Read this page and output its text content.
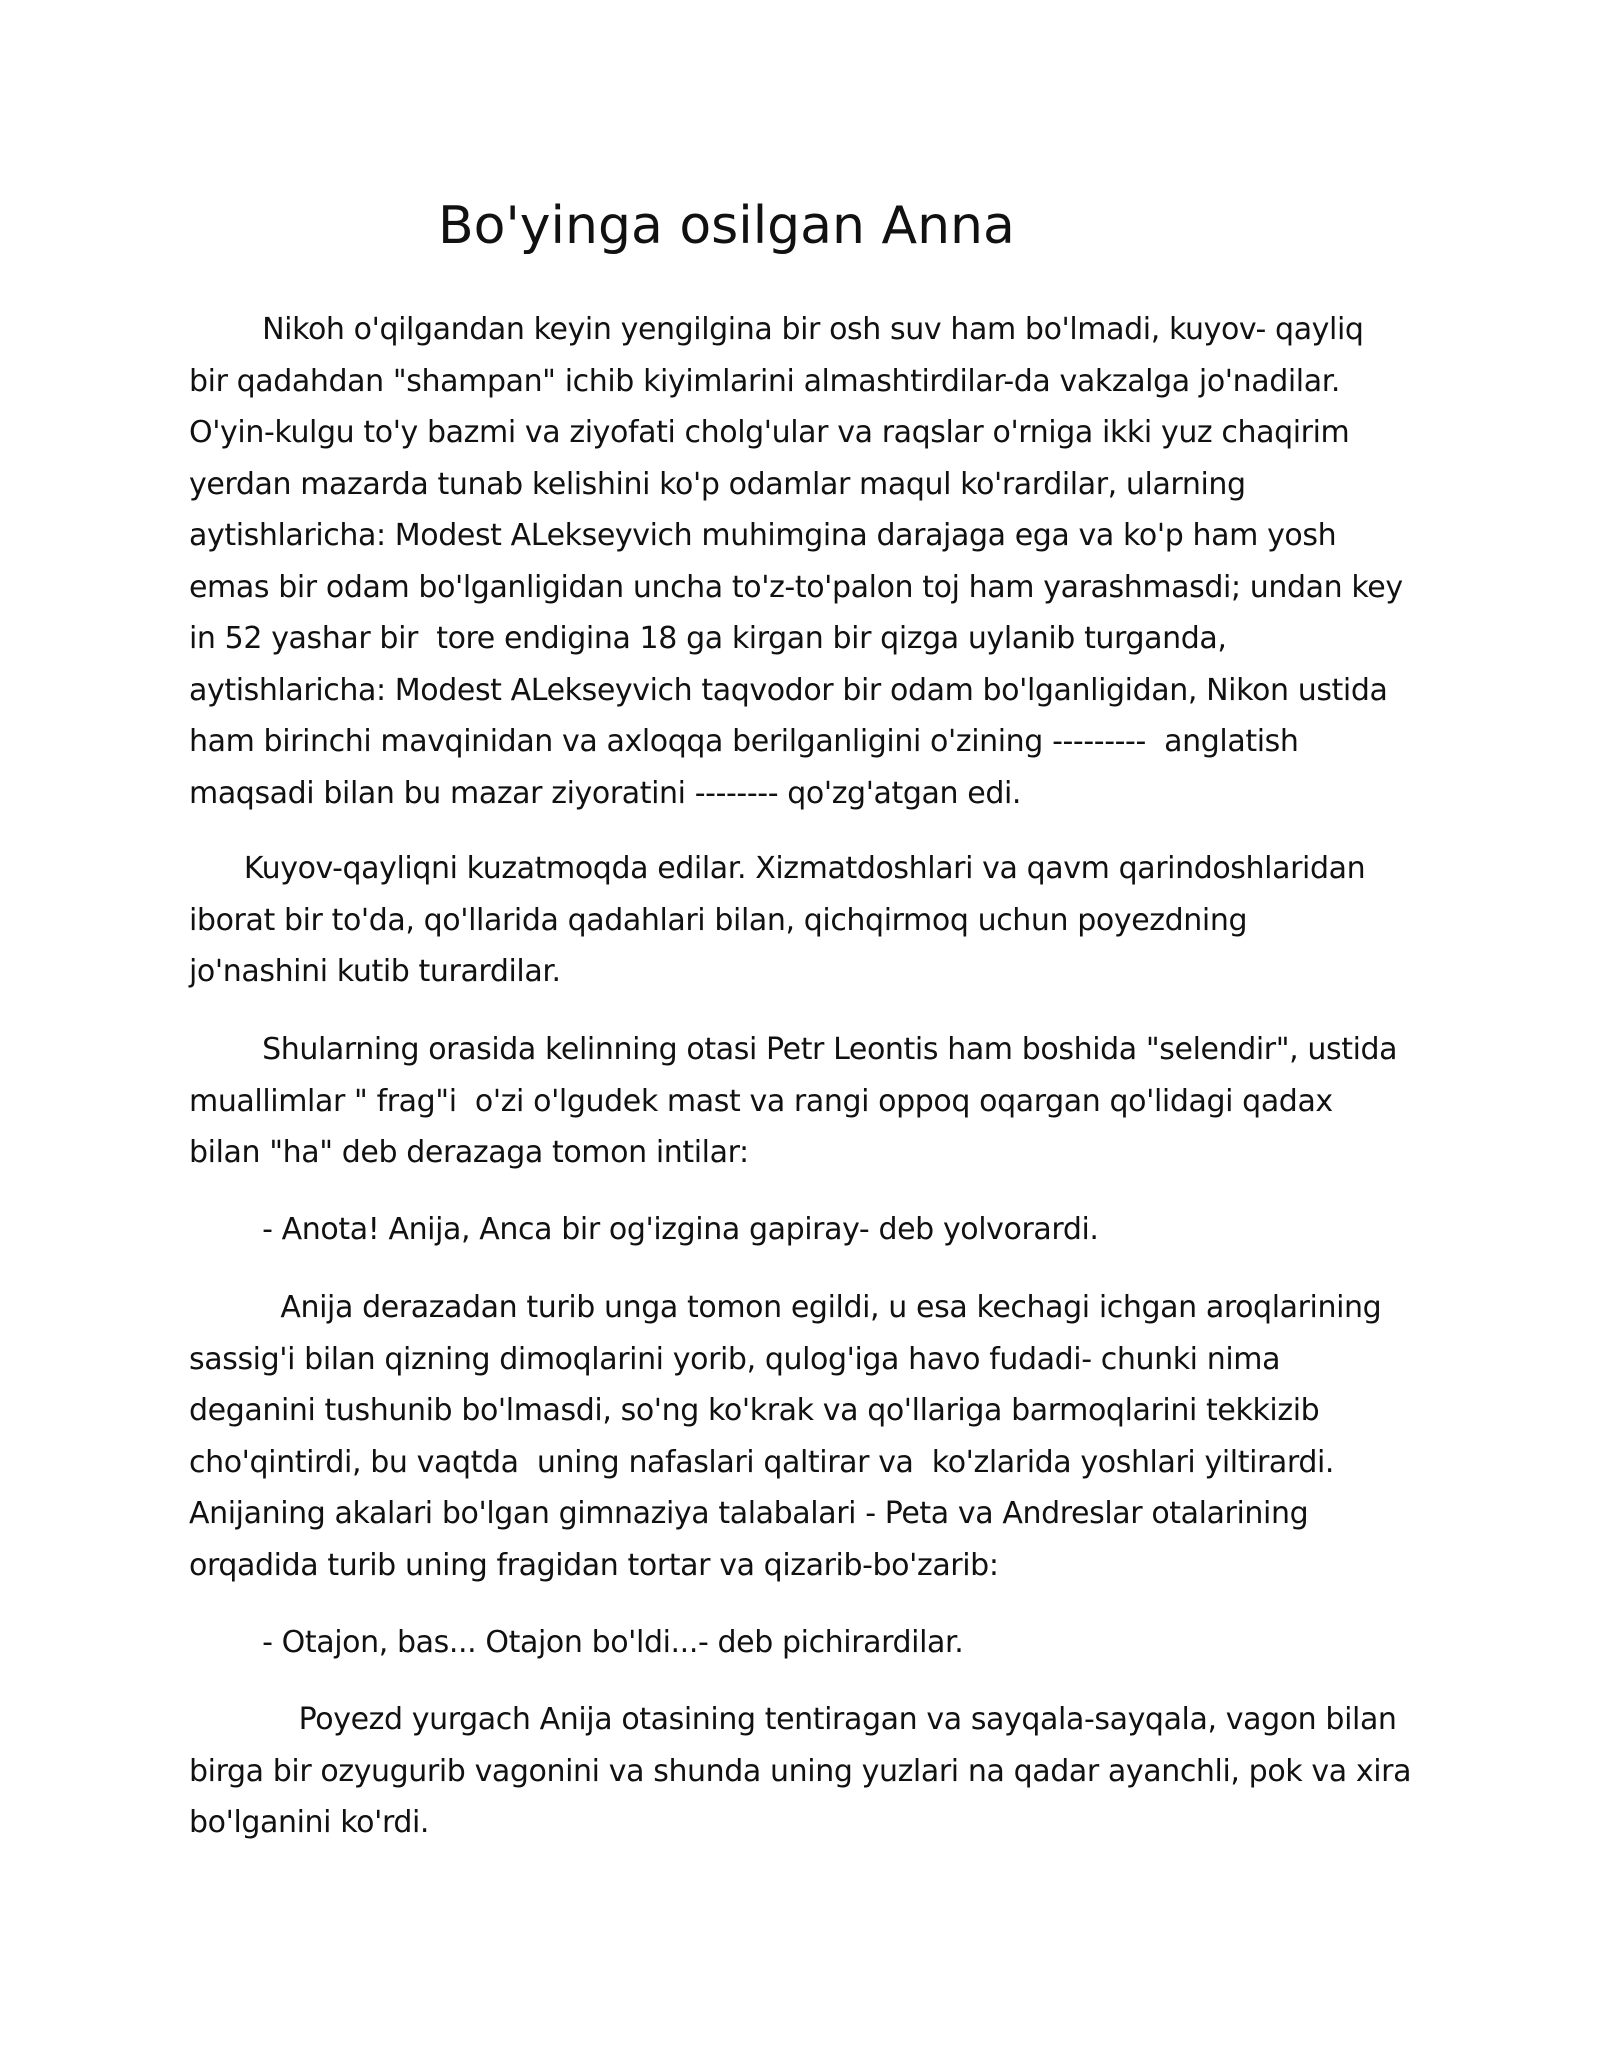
Bo'yinga osilgan Anna

Nikoh o'qilgandan keyin yengilgina bir osh suv ham bo'lmadi, kuyov- qayliq
bir qadahdan "shampan" ichib kiyimlarini almashtirdilar-da vakzalga jo'nadilar.
O'yin-kulgu to'y bazmi va ziyofati cholg'ular va raqslar o'rniga ikki yuz chaqirim
yerdan mazarda tunab kelishini ko'p odamlar maqul ko'rardilar, ularning
aytishlaricha: Modest ALekseyvich muhimgina darajaga ega va ko'p ham yosh
emas bir odam bo'lganligidan uncha to'z-to'palon toj ham yarashmasdi; undan key
in 52 yashar bir  tore endigina 18 ga kirgan bir qizga uylanib turganda,
aytishlaricha: Modest ALekseyvich taqvodor bir odam bo'lganligidan, Nikon ustida
ham birinchi mavqinidan va axloqqa berilganligini o'zining ---------  anglatish
maqsadi bilan bu mazar ziyoratini -------- qo'zg'atgan edi.

Kuyov-qayliqni kuzatmoqda edilar. Xizmatdoshlari va qavm qarindoshlaridan
iborat bir to'da, qo'llarida qadahlari bilan, qichqirmoq uchun poyezdning
jo'nashini kutib turardilar.

Shularning orasida kelinning otasi Petr Leontis ham boshida "selendir", ustida
muallimlar " frag"i  o'zi o'lgudek mast va rangi oppoq oqargan qo'lidagi qadax
bilan "ha" deb derazaga tomon intilar:

- Anota! Anija, Anca bir og'izgina gapiray- deb yolvorardi.

Anija derazadan turib unga tomon egildi, u esa kechagi ichgan aroqlarining
sassig'i bilan qizning dimoqlarini yorib, qulog'iga havo fudadi- chunki nima
deganini tushunib bo'lmasdi, so'ng ko'krak va qo'llariga barmoqlarini tekkizib
cho'qintirdi, bu vaqtda  uning nafaslari qaltirar va  ko'zlarida yoshlari yiltirardi.
Anijaning akalari bo'lgan gimnaziya talabalari - Peta va Andreslar otalarining
orqadida turib uning fragidan tortar va qizarib-bo'zarib:

- Otajon, bas... Otajon bo'ldi...- deb pichirardilar.

Poyezd yurgach Anija otasining tentiragan va sayqala-sayqala, vagon bilan
birga bir ozyugurib vagonini va shunda uning yuzlari na qadar ayanchli, pok va xira
bo'lganini ko'rdi.
